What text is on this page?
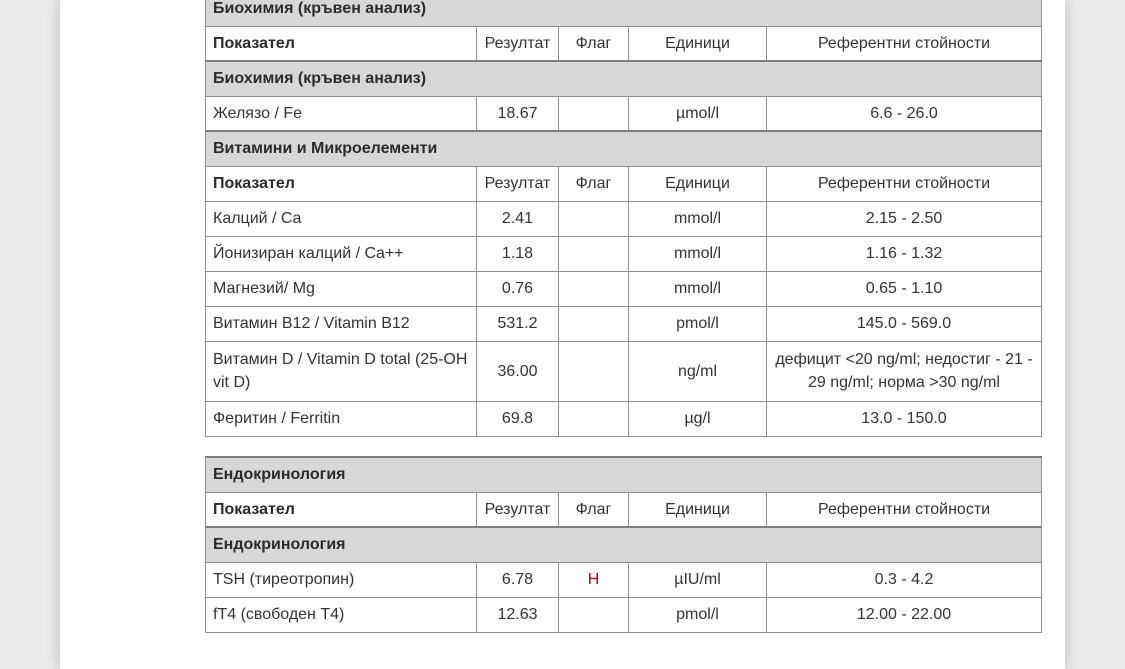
Биохимия (кръвен анализ)				
Показател	Резултат	Флаг	Единици	Референтни стойности
Биохимия (кръвен анализ)				
Желязо / Fe	18.67		µmol/l	6.6 - 26.0
Витамини и Микроелементи				
Показател	Резултат	Флаг	Единици	Референтни стойности
Калций / Ca	2.41		mmol/l	2.15 - 2.50
Йонизиран калций / Ca++	1.18		mmol/l	1.16 - 1.32
Магнезий/ Mg	0.76		mmol/l	0.65 - 1.10
Витамин В12 / Vitamin B12	531.2		pmol/l	145.0 - 569.0
Витамин D / Vitamin D total (25-OH vit D)	36.00		ng/ml	дефицит <20 ng/ml; недостиг - 21 - 29 ng/ml; норма >30 ng/ml
Феритин / Ferritin	69.8		µg/l	13.0 - 150.0
Ендокринология				
Показател	Резултат	Флаг	Единици	Референтни стойности
Ендокринология				
TSH (тиреотропин)	6.78	H	µIU/ml	0.3 - 4.2
fT4 (свободен Т4)	12.63		pmol/l	12.00 - 22.00
